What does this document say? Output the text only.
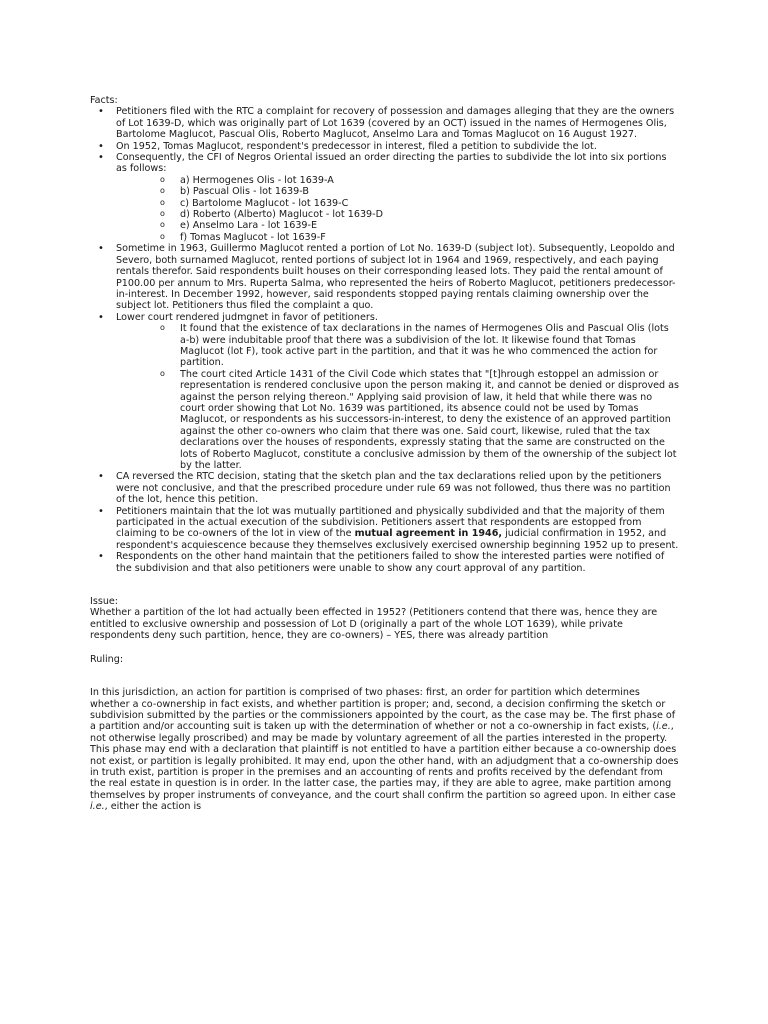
Facts:
• Petitioners filed with the RTC a complaint for recovery of possession and damages alleging that they are the owners of Lot 1639-D, which was originally part of Lot 1639 (covered by an OCT) issued in the names of Hermogenes Olis, Bartolome Maglucot, Pascual Olis, Roberto Maglucot, Anselmo Lara and Tomas Maglucot on 16 August 1927.
• On 1952, Tomas Maglucot, respondent's predecessor in interest, filed a petition to subdivide the lot.
• Consequently, the CFI of Negros Oriental issued an order directing the parties to subdivide the lot into six portions as follows:
o a) Hermogenes Olis - lot 1639-A
o b) Pascual Olis - lot 1639-B
o c) Bartolome Maglucot - lot 1639-C
o d) Roberto (Alberto) Maglucot - lot 1639-D
o e) Anselmo Lara - lot 1639-E
o f) Tomas Maglucot - lot 1639-F
• Sometime in 1963, Guillermo Maglucot rented a portion of Lot No. 1639-D (subject lot). Subsequently, Leopoldo and Severo, both surnamed Maglucot, rented portions of subject lot in 1964 and 1969, respectively, and each paying rentals therefor. Said respondents built houses on their corresponding leased lots. They paid the rental amount of P100.00 per annum to Mrs. Ruperta Salma, who represented the heirs of Roberto Maglucot, petitioners predecessor-in-interest. In December 1992, however, said respondents stopped paying rentals claiming ownership over the subject lot. Petitioners thus filed the complaint a quo.
• Lower court rendered judmgnet in favor of petitioners.
o It found that the existence of tax declarations in the names of Hermogenes Olis and Pascual Olis (lots a-b) were indubitable proof that there was a subdivision of the lot. It likewise found that Tomas Maglucot (lot F), took active part in the partition, and that it was he who commenced the action for partition.
o The court cited Article 1431 of the Civil Code which states that "[t]hrough estoppel an admission or representation is rendered conclusive upon the person making it, and cannot be denied or disproved as against the person relying thereon." Applying said provision of law, it held that while there was no court order showing that Lot No. 1639 was partitioned, its absence could not be used by Tomas Maglucot, or respondents as his successors-in-interest, to deny the existence of an approved partition against the other co-owners who claim that there was one. Said court, likewise, ruled that the tax declarations over the houses of respondents, expressly stating that the same are constructed on the lots of Roberto Maglucot, constitute a conclusive admission by them of the ownership of the subject lot by the latter.
• CA reversed the RTC decision, stating that the sketch plan and the tax declarations relied upon by the petitioners were not conclusive, and that the prescribed procedure under rule 69 was not followed, thus there was no partition of the lot, hence this petition.
• Petitioners maintain that the lot was mutually partitioned and physically subdivided and that the majority of them participated in the actual execution of the subdivision. Petitioners assert that respondents are estopped from claiming to be co-owners of the lot in view of the mutual agreement in 1946, judicial confirmation in 1952, and respondent's acquiescence because they themselves exclusively exercised ownership beginning 1952 up to present.
• Respondents on the other hand maintain that the petitioners failed to show the interested parties were notified of the subdivision and that also petitioners were unable to show any court approval of any partition.
Issue:
Whether a partition of the lot had actually been effected in 1952? (Petitioners contend that there was, hence they are entitled to exclusive ownership and possession of Lot D (originally a part of the whole LOT 1639), while private respondents deny such partition, hence, they are co-owners) – YES, there was already partition
Ruling:
In this jurisdiction, an action for partition is comprised of two phases: first, an order for partition which determines whether a co-ownership in fact exists, and whether partition is proper; and, second, a decision confirming the sketch or subdivision submitted by the parties or the commissioners appointed by the court, as the case may be. The first phase of a partition and/or accounting suit is taken up with the determination of whether or not a co-ownership in fact exists, (i.e., not otherwise legally proscribed) and may be made by voluntary agreement of all the parties interested in the property. This phase may end with a declaration that plaintiff is not entitled to have a partition either because a co-ownership does not exist, or partition is legally prohibited. It may end, upon the other hand, with an adjudgment that a co-ownership does in truth exist, partition is proper in the premises and an accounting of rents and profits received by the defendant from the real estate in question is in order. In the latter case, the parties may, if they are able to agree, make partition among themselves by proper instruments of conveyance, and the court shall confirm the partition so agreed upon. In either case i.e., either the action is
